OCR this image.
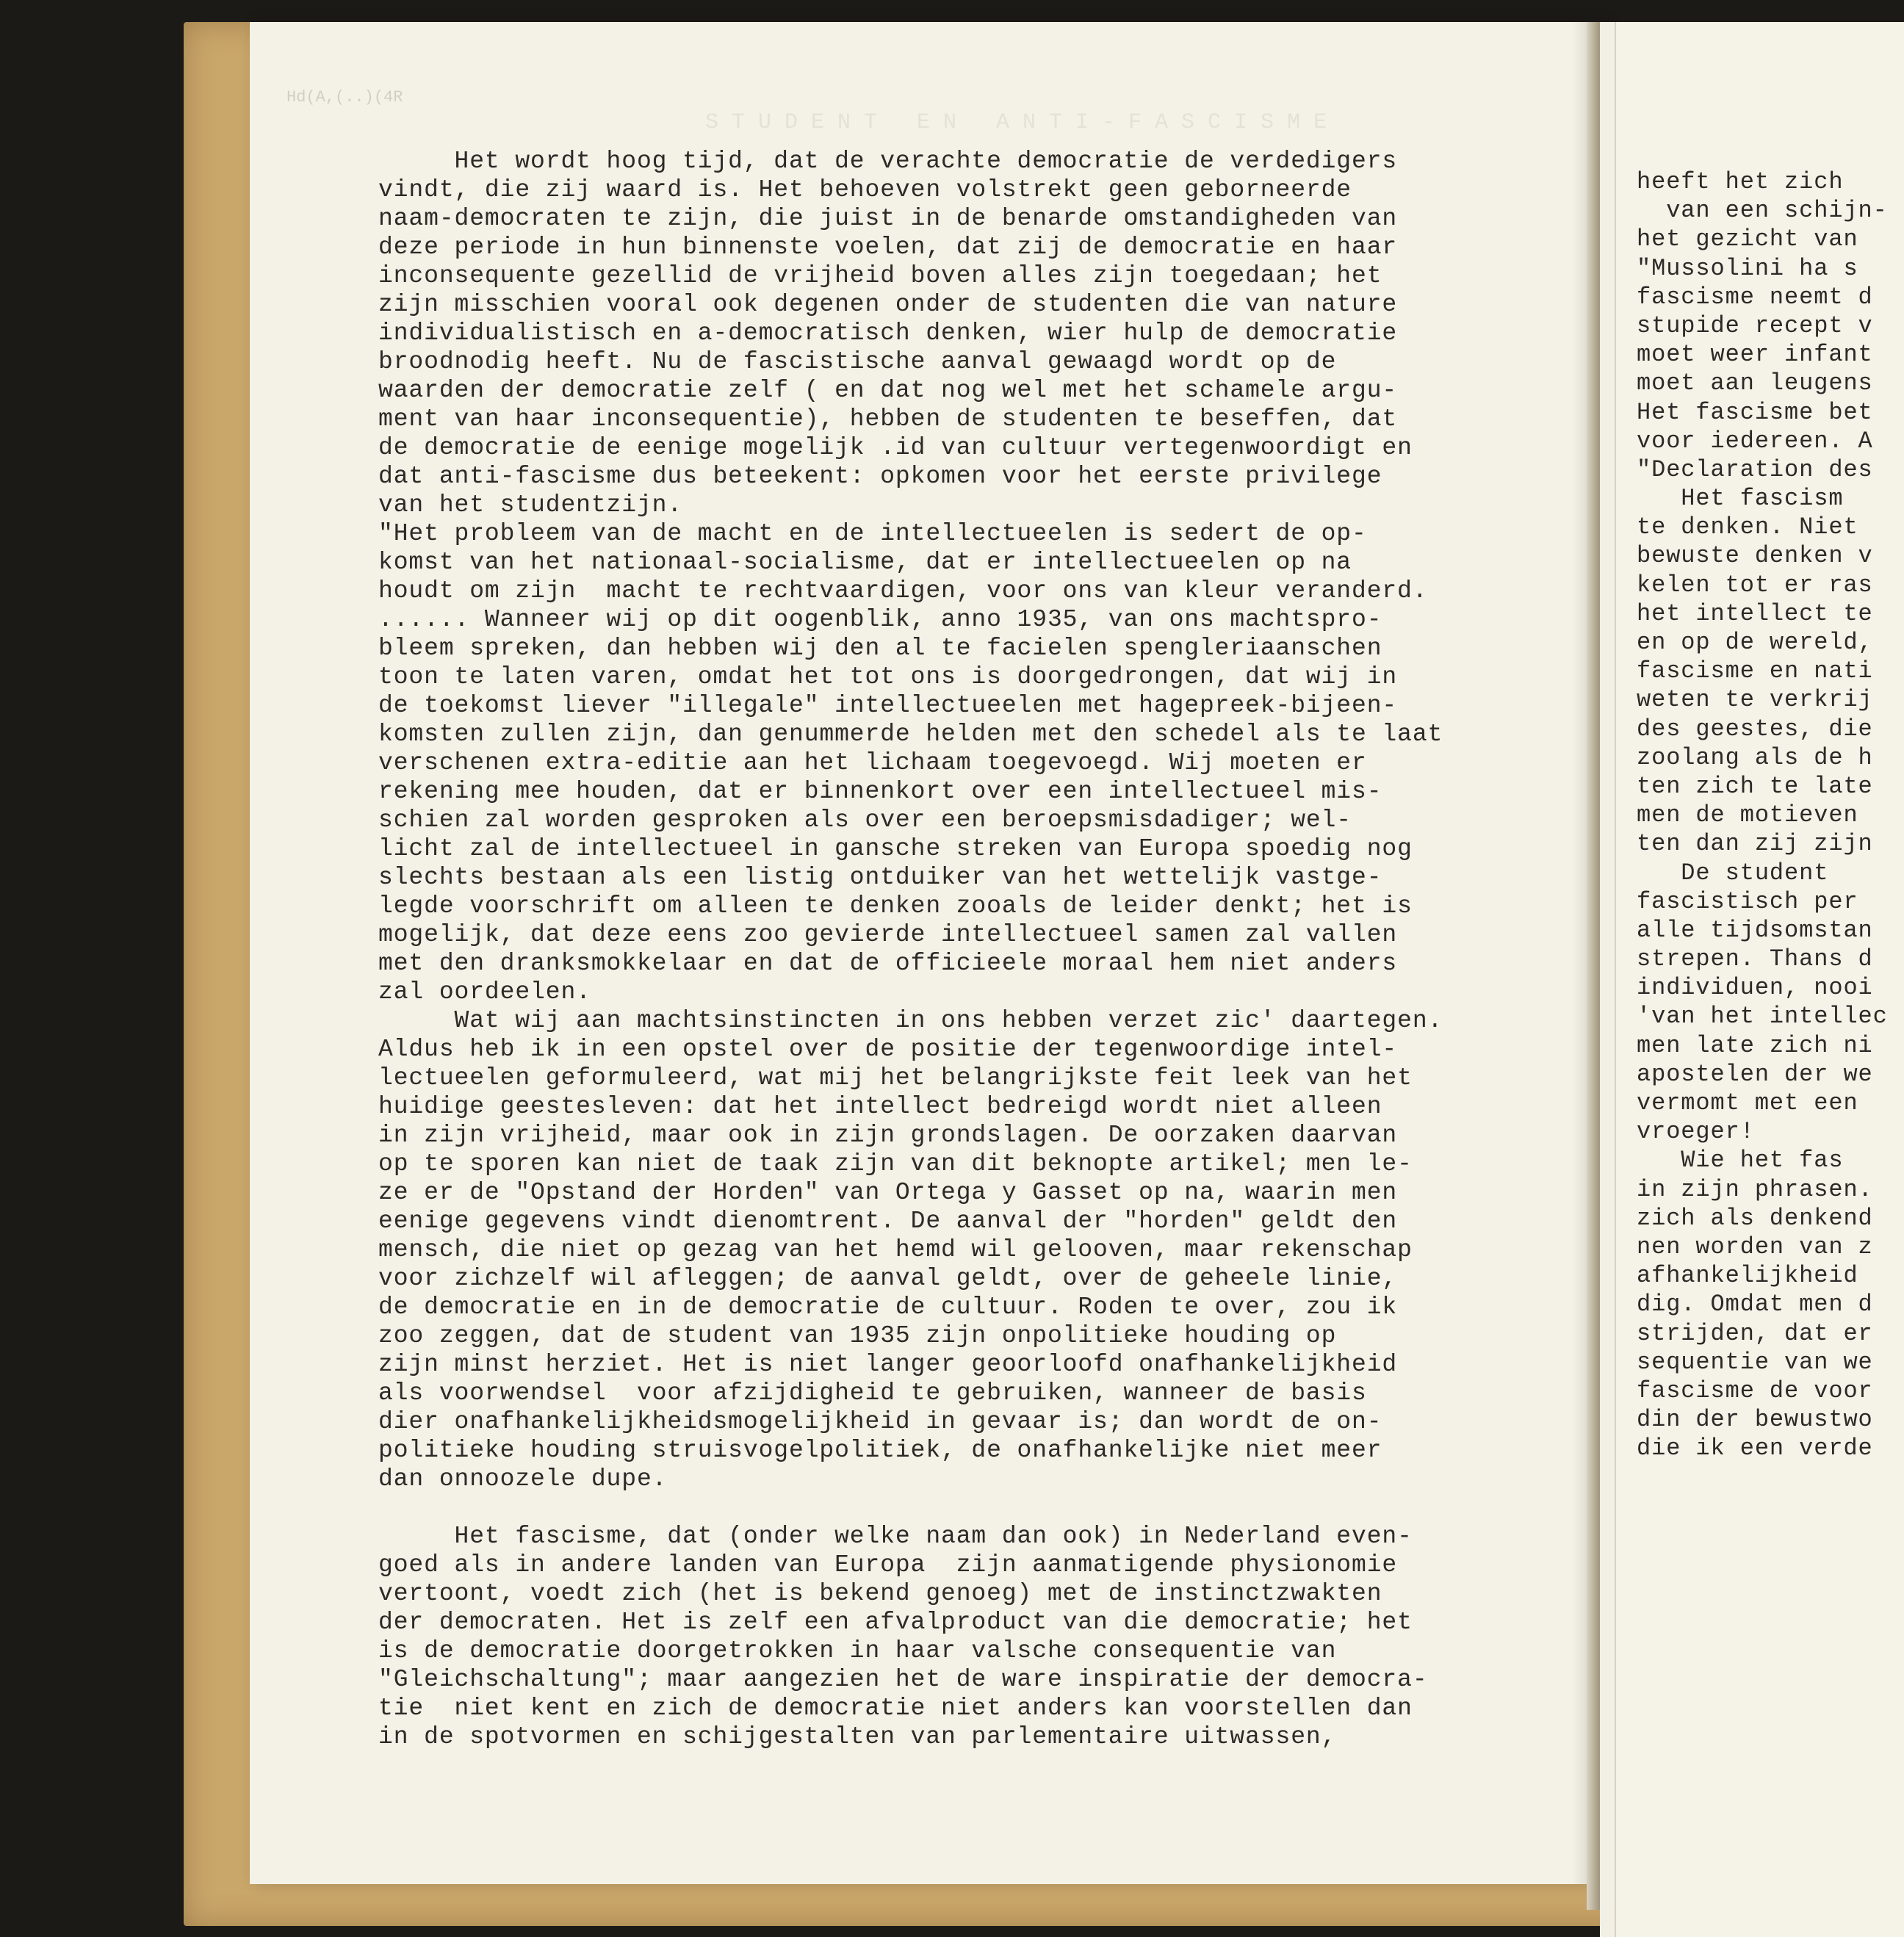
STUDENT EN ANTI-FASCISME
Hd(A,(..)(4R
Het wordt hoog tijd, dat de verachte democratie de verdedigers
vindt, die zij waard is. Het behoeven volstrekt geen geborneerde
naam-democraten te zijn, die juist in de benarde omstandigheden van
deze periode in hun binnenste voelen, dat zij de democratie en haar
inconsequente gezellid de vrijheid boven alles zijn toegedaan; het
zijn misschien vooral ook degenen onder de studenten die van nature
individualistisch en a-democratisch denken, wier hulp de democratie
broodnodig heeft. Nu de fascistische aanval gewaagd wordt op de
waarden der democratie zelf ( en dat nog wel met het schamele argu-
ment van haar inconsequentie), hebben de studenten te beseffen, dat
de democratie de eenige mogelijk .id van cultuur vertegenwoordigt en
dat anti-fascisme dus beteekent: opkomen voor het eerste privilege
van het studentzijn.
"Het probleem van de macht en de intellectueelen is sedert de op-
komst van het nationaal-socialisme, dat er intellectueelen op na
houdt om zijn  macht te rechtvaardigen, voor ons van kleur veranderd.
...... Wanneer wij op dit oogenblik, anno 1935, van ons machtspro-
bleem spreken, dan hebben wij den al te facielen spengleriaanschen
toon te laten varen, omdat het tot ons is doorgedrongen, dat wij in
de toekomst liever "illegale" intellectueelen met hagepreek-bijeen-
komsten zullen zijn, dan genummerde helden met den schedel als te laat
verschenen extra-editie aan het lichaam toegevoegd. Wij moeten er
rekening mee houden, dat er binnenkort over een intellectueel mis-
schien zal worden gesproken als over een beroepsmisdadiger; wel-
licht zal de intellectueel in gansche streken van Europa spoedig nog
slechts bestaan als een listig ontduiker van het wettelijk vastge-
legde voorschrift om alleen te denken zooals de leider denkt; het is
mogelijk, dat deze eens zoo gevierde intellectueel samen zal vallen
met den dranksmokkelaar en dat de officieele moraal hem niet anders
zal oordeelen.
Wat wij aan machtsinstincten in ons hebben verzet zic' daartegen.
Aldus heb ik in een opstel over de positie der tegenwoordige intel-
lectueelen geformuleerd, wat mij het belangrijkste feit leek van het
huidige geestesleven: dat het intellect bedreigd wordt niet alleen
in zijn vrijheid, maar ook in zijn grondslagen. De oorzaken daarvan
op te sporen kan niet de taak zijn van dit beknopte artikel; men le-
ze er de "Opstand der Horden" van Ortega y Gasset op na, waarin men
eenige gegevens vindt dienomtrent. De aanval der "horden" geldt den
mensch, die niet op gezag van het hemd wil gelooven, maar rekenschap
voor zichzelf wil afleggen; de aanval geldt, over de geheele linie,
de democratie en in de democratie de cultuur. Roden te over, zou ik
zoo zeggen, dat de student van 1935 zijn onpolitieke houding op
zijn minst herziet. Het is niet langer geoorloofd onafhankelijkheid
als voorwendsel  voor afzijdigheid te gebruiken, wanneer de basis
dier onafhankelijkheidsmogelijkheid in gevaar is; dan wordt de on-
politieke houding struisvogelpolitiek, de onafhankelijke niet meer
dan onnoozele dupe.
Het fascisme, dat (onder welke naam dan ook) in Nederland even-
goed als in andere landen van Europa  zijn aanmatigende physionomie
vertoont, voedt zich (het is bekend genoeg) met de instinctzwakten
der democraten. Het is zelf een afvalproduct van die democratie; het
is de democratie doorgetrokken in haar valsche consequentie van
"Gleichschaltung"; maar aangezien het de ware inspiratie der democra-
tie  niet kent en zich de democratie niet anders kan voorstellen dan
in de spotvormen en schijgestalten van parlementaire uitwassen,
heeft het zich
van een schijn-
het gezicht van
"Mussolini ha s
fascisme neemt d
stupide recept v
moet weer infant
moet aan leugens
Het fascisme bet
voor iedereen. A
"Declaration des
Het fascism
te denken. Niet
bewuste denken v
kelen tot er ras
het intellect te
en op de wereld,
fascisme en nati
weten te verkrij
des geestes, die
zoolang als de h
ten zich te late
men de motieven
ten dan zij zijn
De student
fascistisch per
alle tijdsomstan
strepen. Thans d
individuen, nooi
'van het intellec
men late zich ni
apostelen der we
vermomt met een
vroeger!
Wie het fas
in zijn phrasen.
zich als denkend
nen worden van z
afhankelijkheid
dig. Omdat men d
strijden, dat er
sequentie van we
fascisme de voor
din der bewustwo
die ik een verde
